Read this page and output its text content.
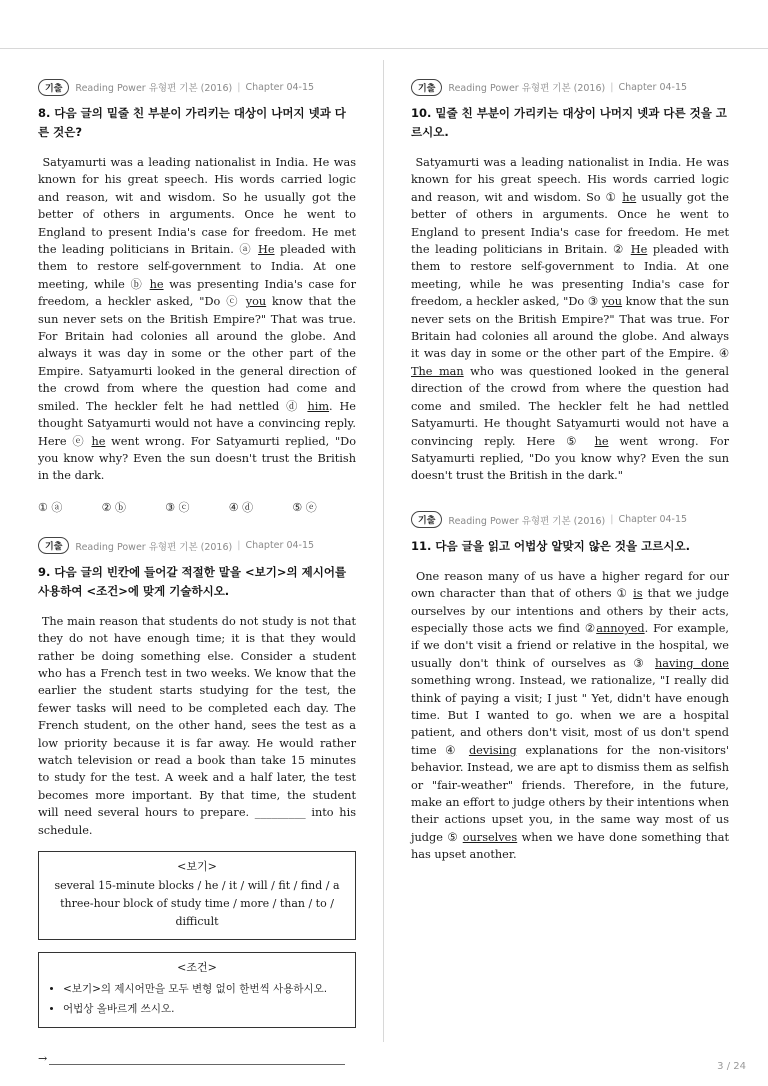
기출	Reading Power 유형편 기본 (2016) | Chapter 04-15
8. 다음 글의 밑줄 친 부분이 가리키는 대상이 나머지 넷과 다른 것은?

Satyamurti was a leading nationalist in India. He was known for his great speech. His words carried logic and reason, wit and wisdom. So he usually got the better of others in arguments. Once he went to England to present India's case for freedom. He met the leading politicians in Britain. ⓐ He pleaded with them to restore self-government to India. At one meeting, while ⓑ he was presenting India's case for freedom, a heckler asked, "Do ⓒ you know that the sun never sets on the British Empire?" That was true. For Britain had colonies all around the globe. And always it was day in some or the other part of the Empire. Satyamurti looked in the general direction of the crowd from where the question had come and smiled. The heckler felt he had nettled ⓓ him. He thought Satyamurti would not have a convincing reply. Here ⓔ he went wrong. For Satyamurti replied, "Do you know why? Even the sun doesn't trust the British in the dark.

① ⓐ	② ⓑ	③ ⓒ	④ ⓓ	⑤ ⓔ
기출	Reading Power 유형편 기본 (2016) | Chapter 04-15
9. 다음 글의 빈칸에 들어갈 적절한 말을 <보기>의 제시어를 사용하여 <조건>에 맞게 기술하시오.

The main reason that students do not study is not that they do not have enough time; it is that they would rather be doing something else. Consider a student who has a French test in two weeks. We know that the earlier the student starts studying for the test, the fewer tasks will need to be completed each day. The French student, on the other hand, sees the test as a low priority because it is far away. He would rather watch television or read a book than take 15 minutes to study for the test. A week and a half later, the test becomes more important. By that time, the student will need several hours to prepare. _________ into his schedule.

<보기>
several 15-minute blocks / he / it / will / fit / find / a three-hour block of study time / more / than / to / difficult
<조건>
• <보기>의 제시어만을 모두 변형 없이 한번씩 사용하시오.
• 어법상 올바르게 쓰시오.
→
기출	Reading Power 유형편 기본 (2016) | Chapter 04-15
10. 밑줄 친 부분이 가리키는 대상이 나머지 넷과 다른 것을 고르시오.

Satyamurti was a leading nationalist in India. He was known for his great speech. His words carried logic and reason, wit and wisdom. So ① he usually got the better of others in arguments. Once he went to England to present India's case for freedom. He met the leading politicians in Britain. ② He pleaded with them to restore self-government to India. At one meeting, while he was presenting India's case for freedom, a heckler asked, "Do ③ you know that the sun never sets on the British Empire?" That was true. For Britain had colonies all around the globe. And always it was day in some or the other part of the Empire. ④ The man who was questioned looked in the general direction of the crowd from where the question had come and smiled. The heckler felt he had nettled Satyamurti. He thought Satyamurti would not have a convincing reply. Here ⑤ he went wrong. For Satyamurti replied, "Do you know why? Even the sun doesn't trust the British in the dark."

기출	Reading Power 유형편 기본 (2016) | Chapter 04-15
11. 다음 글을 읽고 어법상 알맞지 않은 것을 고르시오.

One reason many of us have a higher regard for our own character than that of others ① is that we judge ourselves by our intentions and others by their acts, especially those acts we find ②annoyed. For example, if we don't visit a friend or relative in the hospital, we usually don't think of ourselves as ③ having done something wrong. Instead, we rationalize, "I really did think of paying a visit; I just " Yet, didn't have enough time. But I wanted to go. when we are a hospital patient, and others don't visit, most of us don't spend time ④ devising explanations for the non-visitors' behavior. Instead, we are apt to dismiss them as selfish or "fair-weather" friends. Therefore, in the future, make an effort to judge others by their intentions when their actions upset you, in the same way most of us judge ⑤ ourselves when we have done something that has upset another.

3 / 24
